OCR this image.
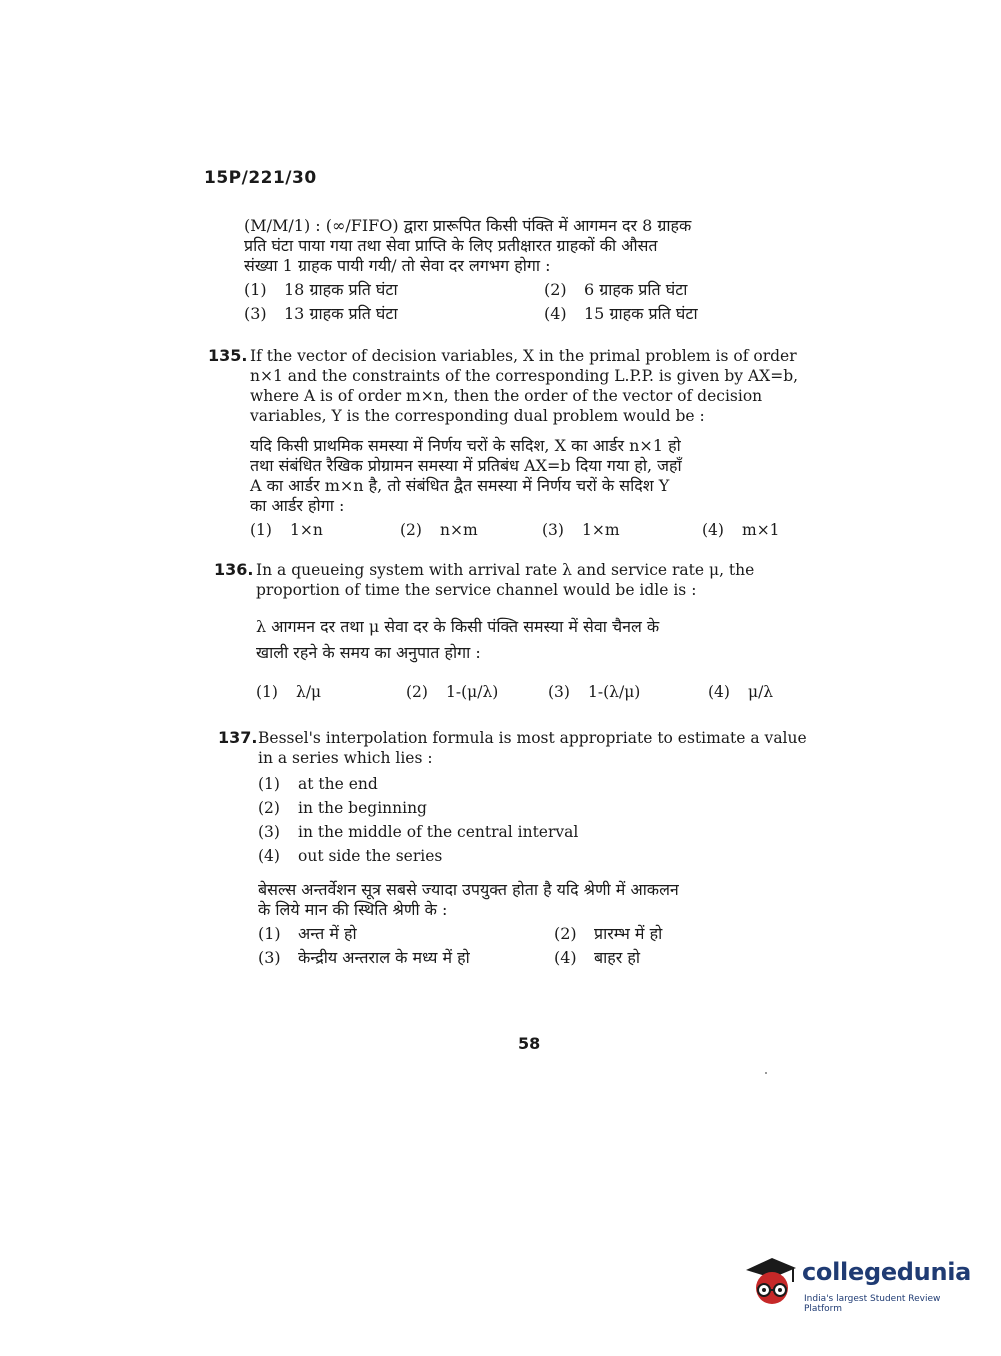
15P/221/30
(M/M/1) : (∞/FIFO) द्वारा प्रारूपित किसी पंक्ति में आगमन दर 8 ग्राहक
प्रति घंटा पाया गया तथा सेवा प्राप्ति के लिए प्रतीक्षारत ग्राहकों की औसत
संख्या 1 ग्राहक पायी गयी/ तो सेवा दर लगभग होगा :
(1) 18 ग्राहक प्रति घंटा	(2) 6 ग्राहक प्रति घंटा
(3) 13 ग्राहक प्रति घंटा	(4) 15 ग्राहक प्रति घंटा
135. If the vector of decision variables, X in the primal problem is of order
n×1 and the constraints of the corresponding L.P.P. is given by AX=b,
where A is of order m×n, then the order of the vector of decision
variables, Y is the corresponding dual problem would be :
यदि किसी प्राथमिक समस्या में निर्णय चरों के सदिश, X का आर्डर n×1 हो
तथा संबंधित रैखिक प्रोग्रामन समस्या में प्रतिबंध AX=b दिया गया हो, जहाँ
A का आर्डर m×n है, तो संबंधित द्वैत समस्या में निर्णय चरों के सदिश Y
का आर्डर होगा :
(1) 1×n	(2) n×m	(3) 1×m	(4) m×1
136. In a queueing system with arrival rate λ and service rate μ, the
proportion of time the service channel would be idle is :
λ आगमन दर तथा μ सेवा दर के किसी पंक्ति समस्या में सेवा चैनल के
खाली रहने के समय का अनुपात होगा :
(1) λ/μ	(2) 1-(μ/λ)	(3) 1-(λ/μ)	(4) μ/λ
137. Bessel's interpolation formula is most appropriate to estimate a value
in a series which lies :
(1) at the end
(2) in the beginning
(3) in the middle of the central interval
(4) out side the series
बेसल्स अन्तर्वेशन सूत्र सबसे ज्यादा उपयुक्त होता है यदि श्रेणी में आकलन
के लिये मान की स्थिति श्रेणी के :
(1) अन्त में हो	(2) प्रारम्भ में हो
(3) केन्द्रीय अन्तराल के मध्य में हो	(4) बाहर हो
58
collegedunia
India's largest Student Review Platform
